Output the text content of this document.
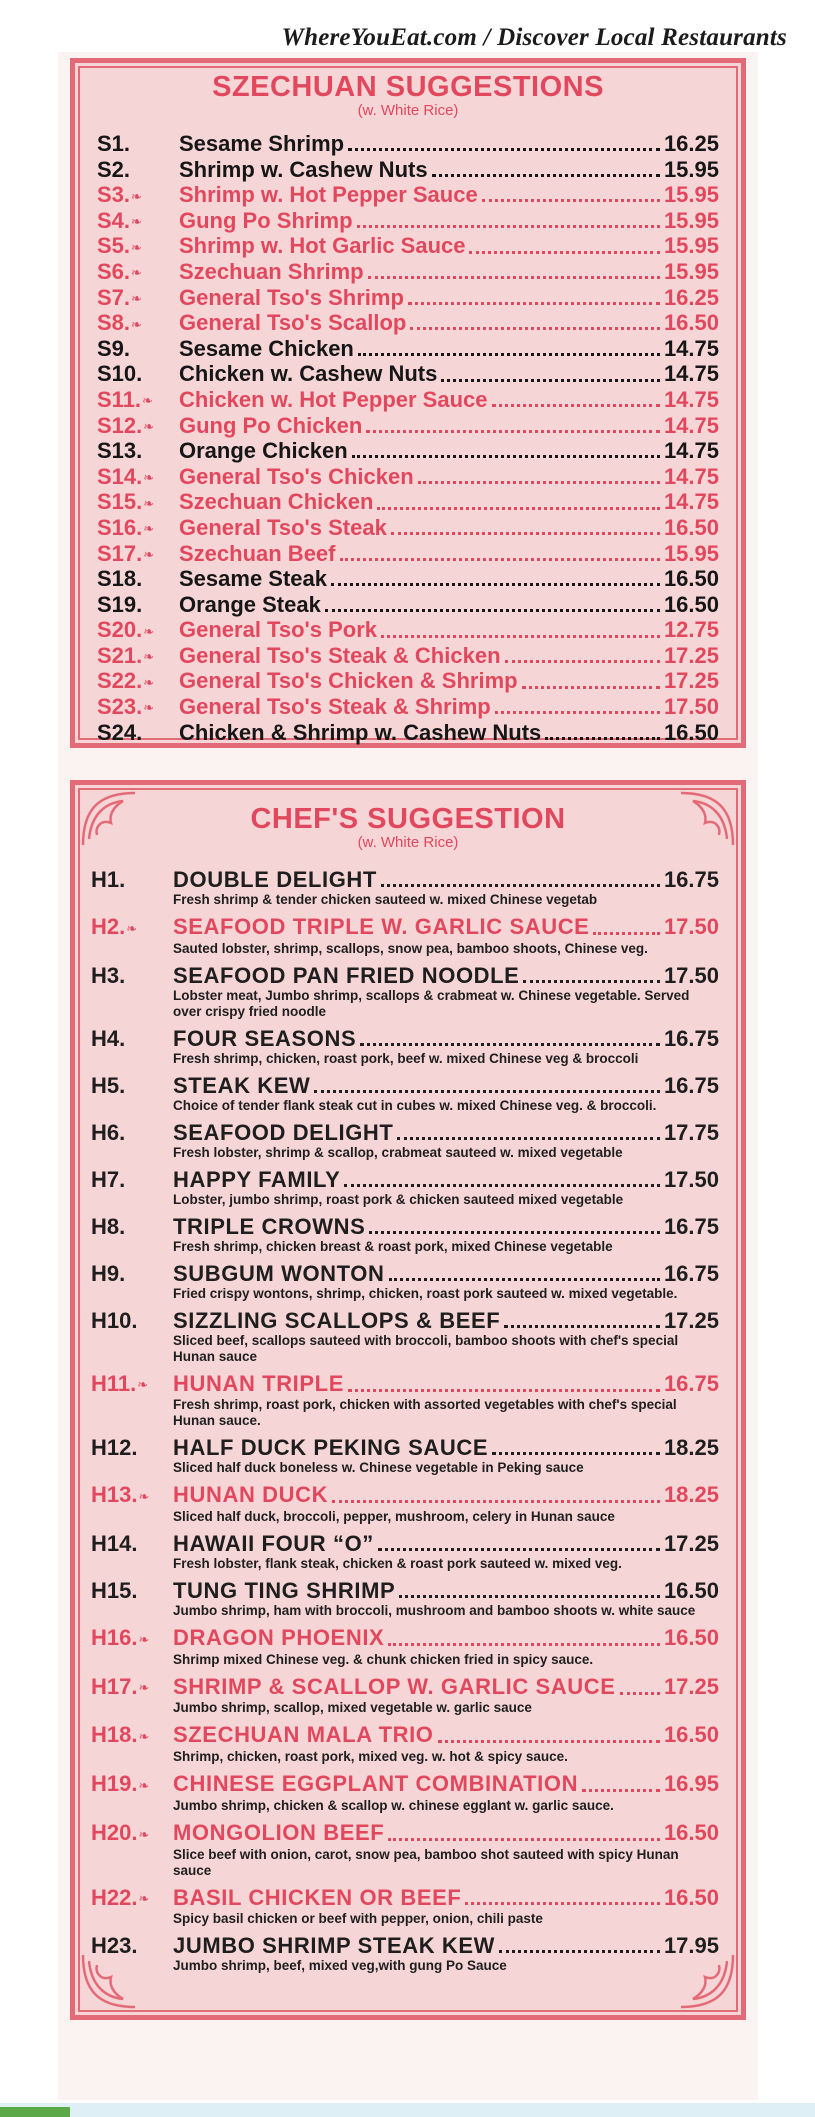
WhereYouEat.com / Discover Local Restaurants
SZECHUAN SUGGESTIONS
(w. White Rice)
S1.	Sesame Shrimp	16.25
S2.	Shrimp w. Cashew Nuts	15.95
S3.❧	Shrimp w. Hot Pepper Sauce	15.95
S4.❧	Gung Po Shrimp	15.95
S5.❧	Shrimp w. Hot Garlic Sauce	15.95
S6.❧	Szechuan Shrimp	15.95
S7.❧	General Tso's Shrimp	16.25
S8.❧	General Tso's Scallop	16.50
S9.	Sesame Chicken	14.75
S10.	Chicken w. Cashew Nuts	14.75
S11.❧	Chicken w. Hot Pepper Sauce	14.75
S12.❧	Gung Po Chicken	14.75
S13.	Orange Chicken	14.75
S14.❧	General Tso's Chicken	14.75
S15.❧	Szechuan Chicken	14.75
S16.❧	General Tso's Steak	16.50
S17.❧	Szechuan Beef	15.95
S18.	Sesame Steak	16.50
S19.	Orange Steak	16.50
S20.❧	General Tso's Pork	12.75
S21.❧	General Tso's Steak & Chicken	17.25
S22.❧	General Tso's Chicken & Shrimp	17.25
S23.❧	General Tso's Steak & Shrimp	17.50
S24.	Chicken & Shrimp w. Cashew Nuts	16.50
CHEF'S SUGGESTION
(w. White Rice)
H1.	DOUBLE DELIGHT	16.75
Fresh shrimp & tender chicken sauteed w. mixed Chinese vegetab
H2.❧	SEAFOOD TRIPLE W. GARLIC SAUCE	17.50
Sauted lobster, shrimp, scallops, snow pea, bamboo shoots, Chinese veg.
H3.	SEAFOOD PAN FRIED NOODLE	17.50
Lobster meat, Jumbo shrimp, scallops & crabmeat w. Chinese vegetable. Served over crispy fried noodle
H4.	FOUR SEASONS	16.75
Fresh shrimp, chicken, roast pork, beef w. mixed Chinese veg & broccoli
H5.	STEAK KEW	16.75
Choice of tender flank steak cut in cubes w. mixed Chinese veg. & broccoli.
H6.	SEAFOOD DELIGHT	17.75
Fresh lobster, shrimp & scallop, crabmeat sauteed w. mixed vegetable
H7.	HAPPY FAMILY	17.50
Lobster, jumbo shrimp, roast pork & chicken sauteed mixed vegetable
H8.	TRIPLE CROWNS	16.75
Fresh shrimp, chicken breast & roast pork, mixed Chinese vegetable
H9.	SUBGUM WONTON	16.75
Fried crispy wontons, shrimp, chicken, roast pork sauteed w. mixed vegetable.
H10.	SIZZLING SCALLOPS & BEEF	17.25
Sliced beef, scallops sauteed with broccoli, bamboo shoots with chef's special Hunan sauce
H11.❧	HUNAN TRIPLE	16.75
Fresh shrimp, roast pork, chicken with assorted vegetables with chef's special Hunan sauce.
H12.	HALF DUCK PEKING SAUCE	18.25
Sliced half duck boneless w. Chinese vegetable in Peking sauce
H13.❧	HUNAN DUCK	18.25
Sliced half duck, broccoli, pepper, mushroom, celery in Hunan sauce
H14.	HAWAII FOUR “O”	17.25
Fresh lobster, flank steak, chicken & roast pork sauteed w. mixed veg.
H15.	TUNG TING SHRIMP	16.50
Jumbo shrimp, ham with broccoli, mushroom and bamboo shoots w. white sauce
H16.❧	DRAGON PHOENIX	16.50
Shrimp mixed Chinese veg. & chunk chicken fried in spicy sauce.
H17.❧	SHRIMP & SCALLOP W. GARLIC SAUCE 17.25
Jumbo shrimp, scallop, mixed vegetable w. garlic sauce
H18.❧	SZECHUAN MALA TRIO	16.50
Shrimp, chicken, roast pork, mixed veg. w. hot & spicy sauce.
H19.❧	CHINESE EGGPLANT COMBINATION	16.95
Jumbo shrimp, chicken & scallop w. chinese egglant w. garlic sauce.
H20.❧	MONGOLION BEEF	16.50
Slice beef with onion, carot, snow pea, bamboo shot sauteed with spicy Hunan sauce
H22.❧	BASIL CHICKEN OR BEEF	16.50
Spicy basil chicken or beef with pepper, onion, chili paste
H23.	JUMBO SHRIMP STEAK KEW	17.95
Jumbo shrimp, beef, mixed veg,with gung Po Sauce
